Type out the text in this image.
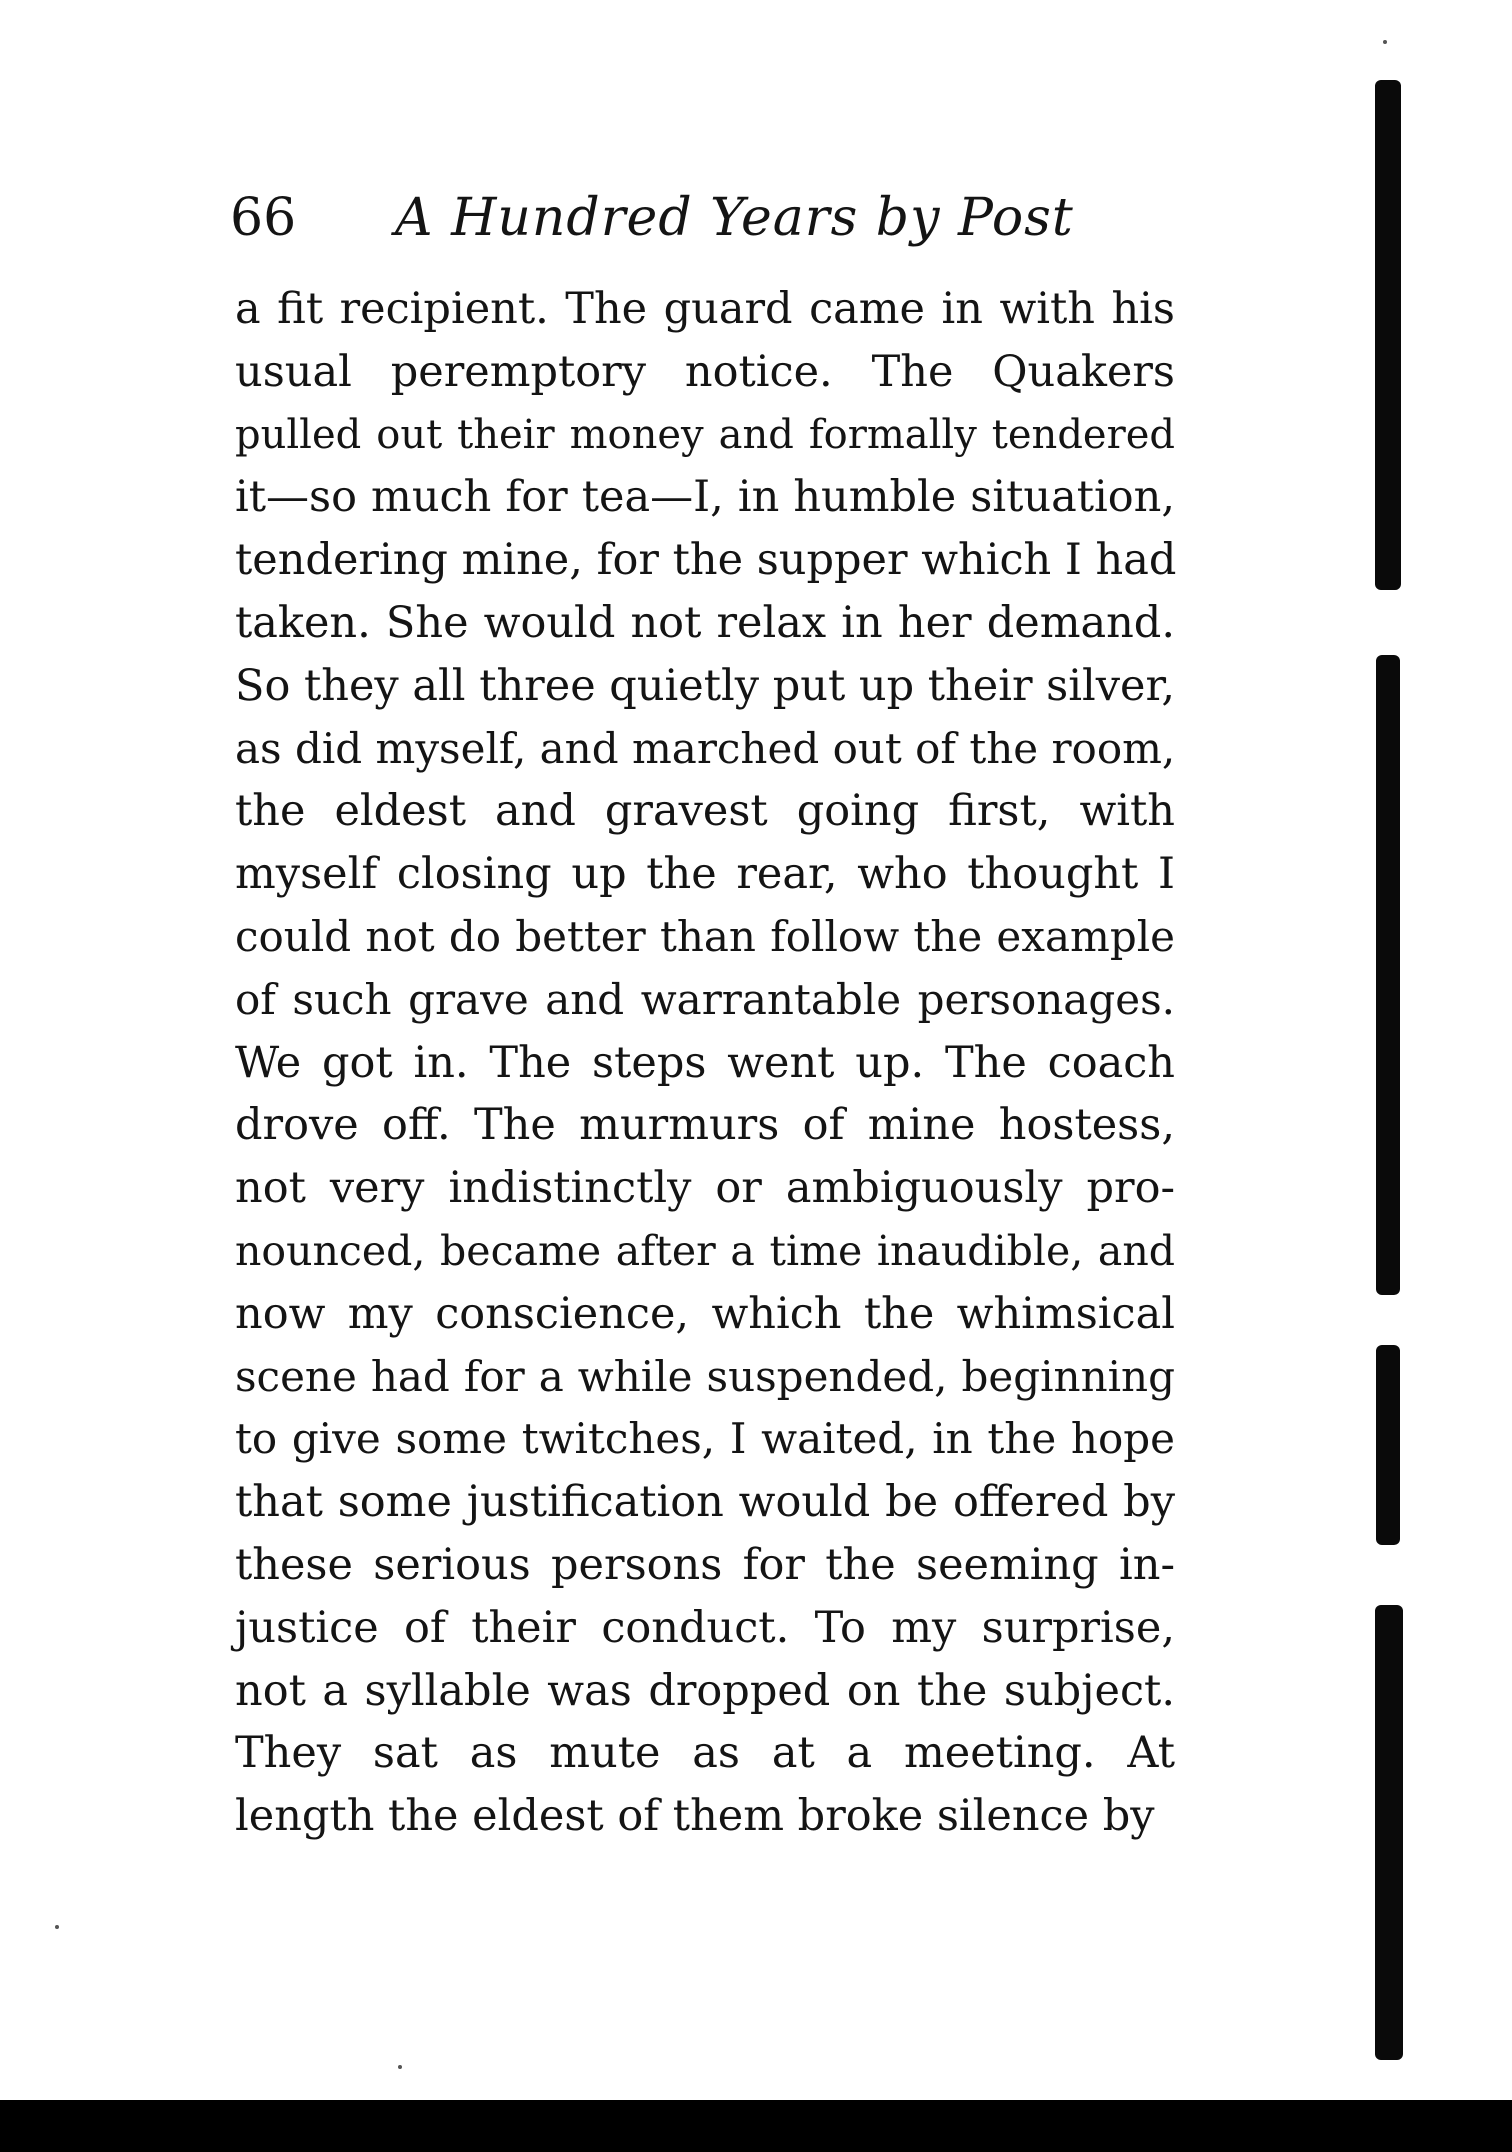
66 A Hundred Years by Post
a fit recipient. The guard came in with his
usual peremptory notice. The Quakers
pulled out their money and formally tendered
it—so much for tea—I, in humble situation,
tendering mine, for the supper which I had
taken. She would not relax in her demand.
So they all three quietly put up their silver,
as did myself, and marched out of the room,
the eldest and gravest going first, with
myself closing up the rear, who thought I
could not do better than follow the example
of such grave and warrantable personages.
We got in. The steps went up. The coach
drove off. The murmurs of mine hostess,
not very indistinctly or ambiguously pro-
nounced, became after a time inaudible, and
now my conscience, which the whimsical
scene had for a while suspended, beginning
to give some twitches, I waited, in the hope
that some justification would be offered by
these serious persons for the seeming in-
justice of their conduct. To my surprise,
not a syllable was dropped on the subject.
They sat as mute as at a meeting. At
length the eldest of them broke silence by
